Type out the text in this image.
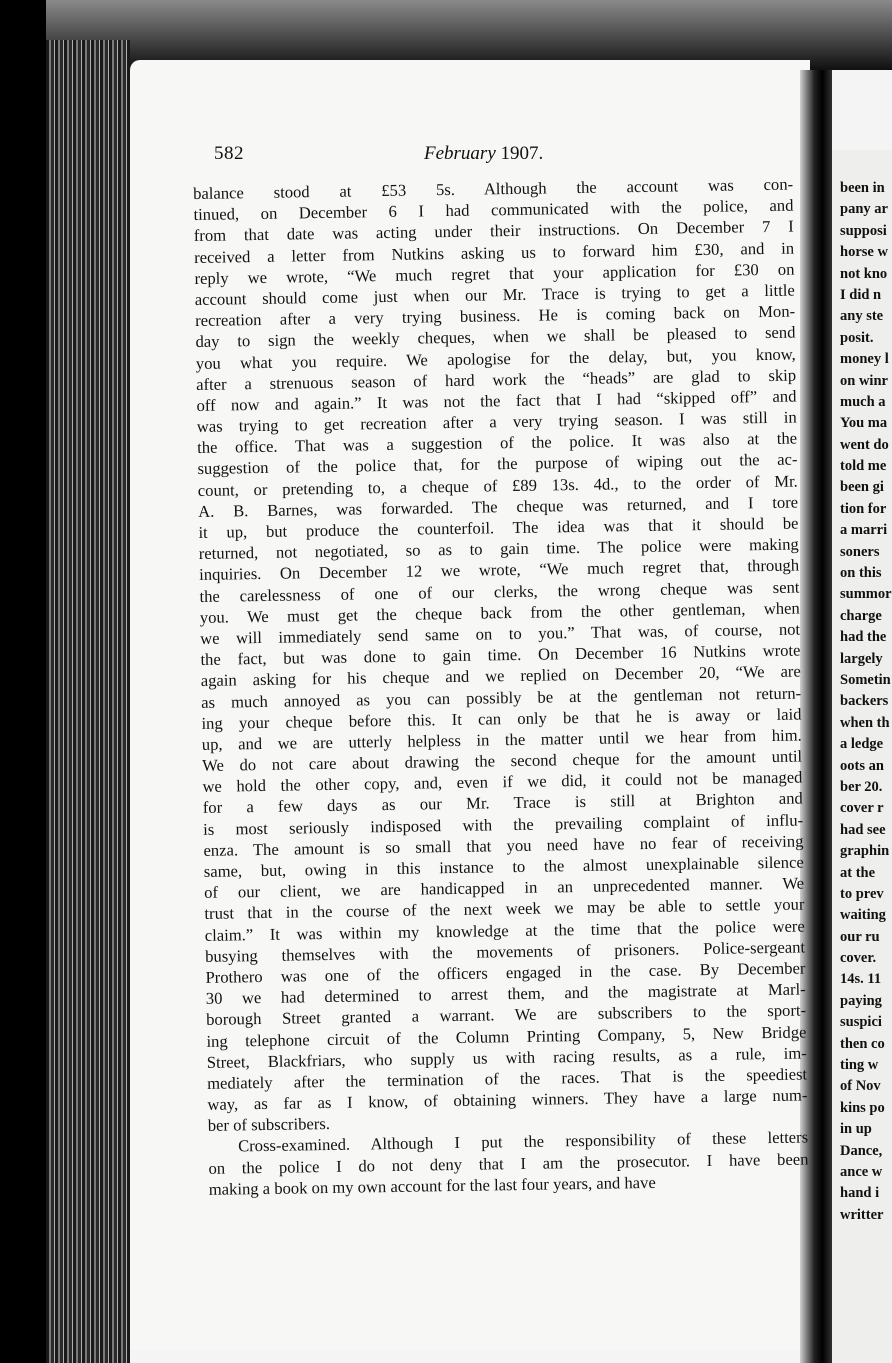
582	February 1907.
balance stood at £53 5s. Although the account was con-
tinued, on December 6 I had communicated with the police, and
from that date was acting under their instructions. On December 7 I
received a letter from Nutkins asking us to forward him £30, and in
reply we wrote, “We much regret that your application for £30 on
account should come just when our Mr. Trace is trying to get a little
recreation after a very trying business. He is coming back on Mon-
day to sign the weekly cheques, when we shall be pleased to send
you what you require. We apologise for the delay, but, you know,
after a strenuous season of hard work the “heads” are glad to skip
off now and again.” It was not the fact that I had “skipped off” and
was trying to get recreation after a very trying season. I was still in
the office. That was a suggestion of the police. It was also at the
suggestion of the police that, for the purpose of wiping out the ac-
count, or pretending to, a cheque of £89 13s. 4d., to the order of Mr.
A. B. Barnes, was forwarded. The cheque was returned, and I tore
it up, but produce the counterfoil. The idea was that it should be
returned, not negotiated, so as to gain time. The police were making
inquiries. On December 12 we wrote, “We much regret that, through
the carelessness of one of our clerks, the wrong cheque was sent
you. We must get the cheque back from the other gentleman, when
we will immediately send same on to you.” That was, of course, not
the fact, but was done to gain time. On December 16 Nutkins wrote
again asking for his cheque and we replied on December 20, “We are
as much annoyed as you can possibly be at the gentleman not return-
ing your cheque before this. It can only be that he is away or laid
up, and we are utterly helpless in the matter until we hear from him.
We do not care about drawing the second cheque for the amount until
we hold the other copy, and, even if we did, it could not be managed
for a few days as our Mr. Trace is still at Brighton and
is most seriously indisposed with the prevailing complaint of influ-
enza. The amount is so small that you need have no fear of receiving
same, but, owing in this instance to the almost unexplainable silence
of our client, we are handicapped in an unprecedented manner. We
trust that in the course of the next week we may be able to settle your
claim.” It was within my knowledge at the time that the police were
busying themselves with the movements of prisoners. Police-sergeant
Prothero was one of the officers engaged in the case. By December
30 we had determined to arrest them, and the magistrate at Marl-
borough Street granted a warrant. We are subscribers to the sport-
ing telephone circuit of the Column Printing Company, 5, New Bridge
Street, Blackfriars, who supply us with racing results, as a rule, im-
mediately after the termination of the races. That is the speediest
way, as far as I know, of obtaining winners. They have a large num-
ber of subscribers.
Cross-examined. Although I put the responsibility of these letters
on the police I do not deny that I am the prosecutor. I have been
making a book on my own account for the last four years, and have
been in
pany ar
supposi
horse w
not kno
I did n
any ste
posit.
money l
on winr
much a
You ma
went do
told me
been gi
tion for
a marri
soners
on this
summor
charge
had the
largely
Sometin
backers
when th
a ledge
oots an
ber 20.
cover r
had see
graphin
at the
to prev
waiting
our ru
cover.
14s. 11
paying
suspici
then co
ting w
of Nov
kins po
in up
Dance,
ance w
hand i
writter
